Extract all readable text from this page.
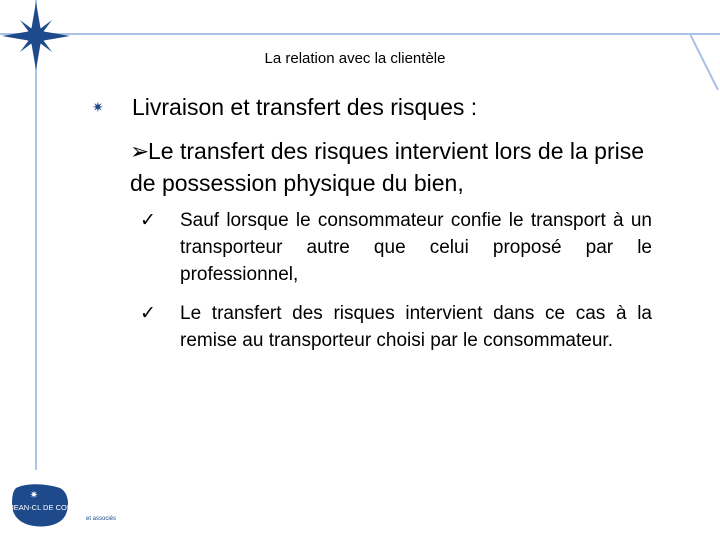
La relation avec la clientèle
✷	Livraison et transfert des risques :
➢Le transfert des risques intervient lors de la prise de possession physique du bien,
✓ Sauf lorsque le consommateur confie le transport à un transporteur autre que celui proposé par le professionnel,
✓ Le transfert des risques intervient dans ce cas à la remise au transporteur choisi par le consommateur.
✷
JEAN-CL DE COULON
et associés
